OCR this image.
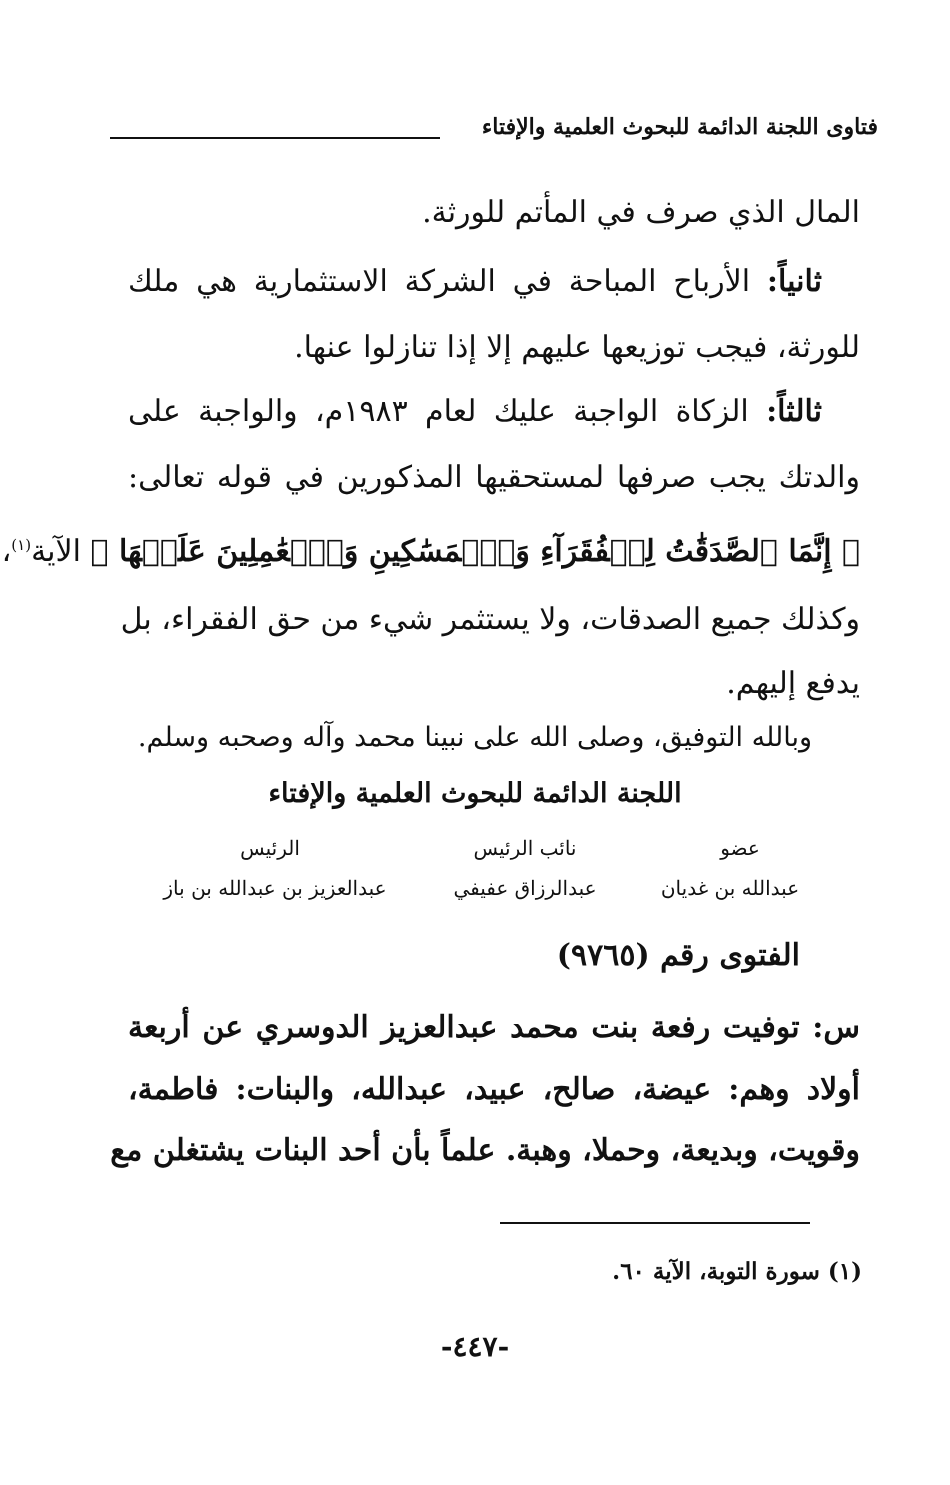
فتاوى اللجنة الدائمة للبحوث العلمية والإفتاء
المال الذي صرف في المأتم للورثة.
ثانياً: الأرباح المباحة في الشركة الاستثمارية هي ملك
للورثة، فيجب توزيعها عليهم إلا إذا تنازلوا عنها.
ثالثاً: الزكاة الواجبة عليك لعام ١٩٨٣م، والواجبة على
والدتك يجب صرفها لمستحقيها المذكورين في قوله تعالى:
﴿ إِنَّمَا ٱلصَّدَقَٰتُ لِلۡفُقَرَآءِ وَٱلۡمَسَٰكِينِ وَٱلۡعَٰمِلِينَ عَلَيۡهَا ﴾ الآية$^{(١)}$،
وكذلك جميع الصدقات، ولا يستثمر شيء من حق الفقراء، بل
يدفع إليهم.
وبالله التوفيق، وصلى الله على نبينا محمد وآله وصحبه وسلم.
اللجنة الدائمة للبحوث العلمية والإفتاء
عضو
عبدالله بن غديان
نائب الرئيس
عبدالرزاق عفيفي
الرئيس
عبدالعزيز بن عبدالله بن باز
الفتوى رقم (٩٧٦٥)
س: توفيت رفعة بنت محمد عبدالعزيز الدوسري عن أربعة
أولاد وهم: عيضة، صالح، عبيد، عبدالله، والبنات: فاطمة،
وقويت، وبديعة، وحملا، وهبة. علماً بأن أحد البنات يشتغلن مع
(١) سورة التوبة، الآية ٦٠.
-٤٤٧-
